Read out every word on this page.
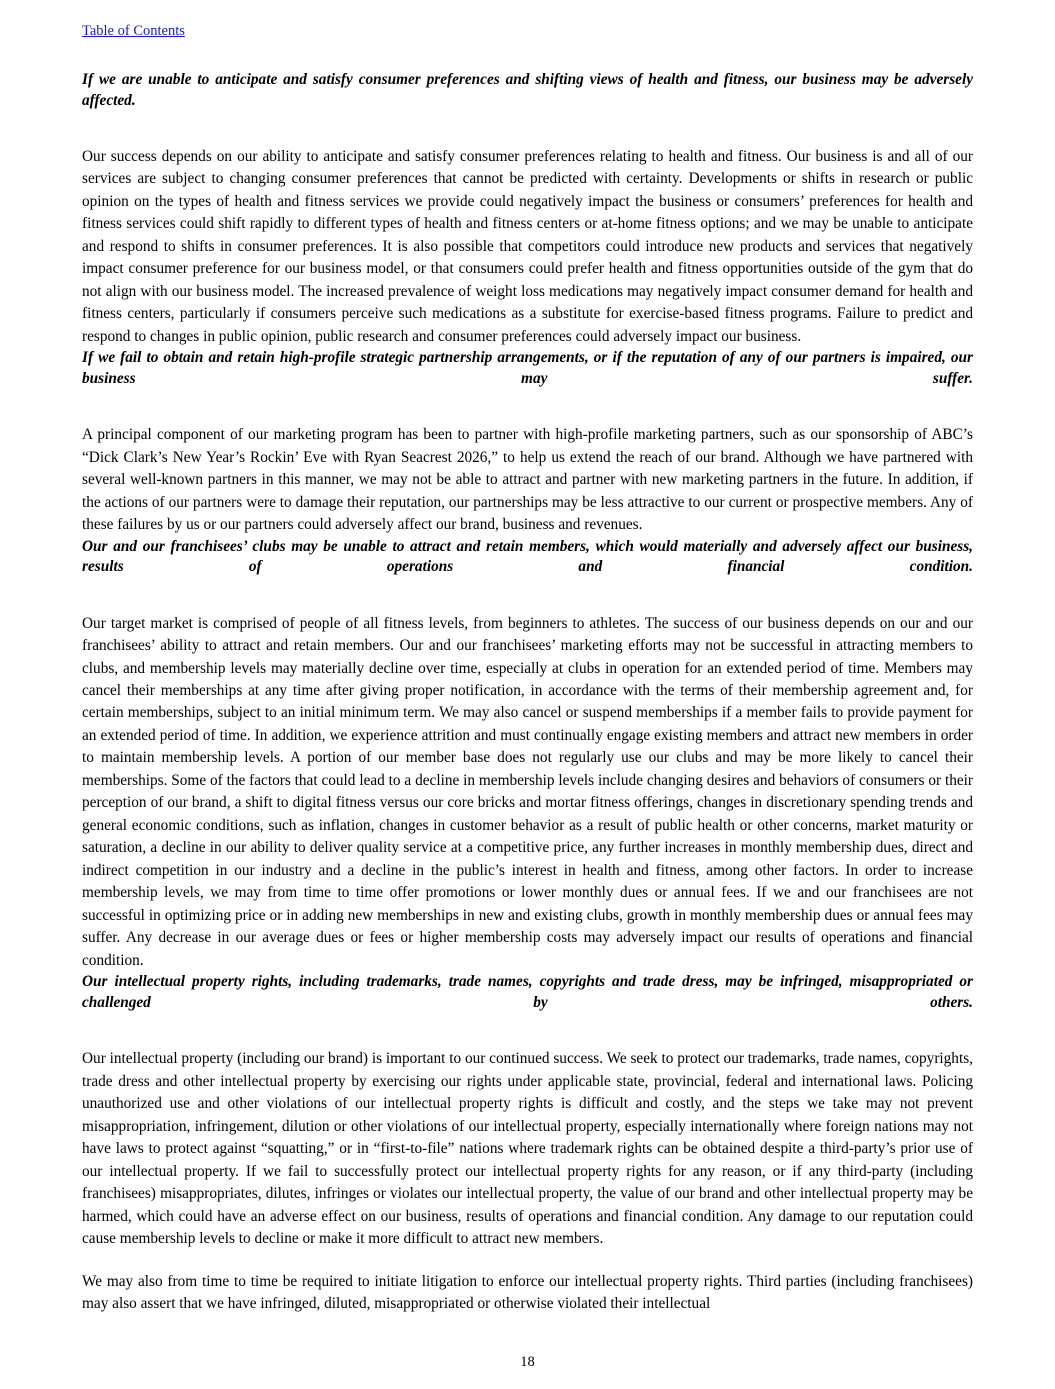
Table of Contents
If we are unable to anticipate and satisfy consumer preferences and shifting views of health and fitness, our business may be adversely affected.

Our success depends on our ability to anticipate and satisfy consumer preferences relating to health and fitness. Our business is and all of our services are subject to changing consumer preferences that cannot be predicted with certainty. Developments or shifts in research or public opinion on the types of health and fitness services we provide could negatively impact the business or consumers’ preferences for health and fitness services could shift rapidly to different types of health and fitness centers or at-home fitness options; and we may be unable to anticipate and respond to shifts in consumer preferences. It is also possible that competitors could introduce new products and services that negatively impact consumer preference for our business model, or that consumers could prefer health and fitness opportunities outside of the gym that do not align with our business model. The increased prevalence of weight loss medications may negatively impact consumer demand for health and fitness centers, particularly if consumers perceive such medications as a substitute for exercise-based fitness programs. Failure to predict and respond to changes in public opinion, public research and consumer preferences could adversely impact our business.

If we fail to obtain and retain high-profile strategic partnership arrangements, or if the reputation of any of our partners is impaired, our business may suffer.

A principal component of our marketing program has been to partner with high-profile marketing partners, such as our sponsorship of ABC’s “Dick Clark’s New Year’s Rockin’ Eve with Ryan Seacrest 2026,” to help us extend the reach of our brand. Although we have partnered with several well-known partners in this manner, we may not be able to attract and partner with new marketing partners in the future. In addition, if the actions of our partners were to damage their reputation, our partnerships may be less attractive to our current or prospective members. Any of these failures by us or our partners could adversely affect our brand, business and revenues.

Our and our franchisees’ clubs may be unable to attract and retain members, which would materially and adversely affect our business, results of operations and financial condition.

Our target market is comprised of people of all fitness levels, from beginners to athletes. The success of our business depends on our and our franchisees’ ability to attract and retain members. Our and our franchisees’ marketing efforts may not be successful in attracting members to clubs, and membership levels may materially decline over time, especially at clubs in operation for an extended period of time. Members may cancel their memberships at any time after giving proper notification, in accordance with the terms of their membership agreement and, for certain memberships, subject to an initial minimum term. We may also cancel or suspend memberships if a member fails to provide payment for an extended period of time. In addition, we experience attrition and must continually engage existing members and attract new members in order to maintain membership levels. A portion of our member base does not regularly use our clubs and may be more likely to cancel their memberships. Some of the factors that could lead to a decline in membership levels include changing desires and behaviors of consumers or their perception of our brand, a shift to digital fitness versus our core bricks and mortar fitness offerings, changes in discretionary spending trends and general economic conditions, such as inflation, changes in customer behavior as a result of public health or other concerns, market maturity or saturation, a decline in our ability to deliver quality service at a competitive price, any further increases in monthly membership dues, direct and indirect competition in our industry and a decline in the public’s interest in health and fitness, among other factors. In order to increase membership levels, we may from time to time offer promotions or lower monthly dues or annual fees. If we and our franchisees are not successful in optimizing price or in adding new memberships in new and existing clubs, growth in monthly membership dues or annual fees may suffer. Any decrease in our average dues or fees or higher membership costs may adversely impact our results of operations and financial condition.

Our intellectual property rights, including trademarks, trade names, copyrights and trade dress, may be infringed, misappropriated or challenged by others.

Our intellectual property (including our brand) is important to our continued success. We seek to protect our trademarks, trade names, copyrights, trade dress and other intellectual property by exercising our rights under applicable state, provincial, federal and international laws. Policing unauthorized use and other violations of our intellectual property rights is difficult and costly, and the steps we take may not prevent misappropriation, infringement, dilution or other violations of our intellectual property, especially internationally where foreign nations may not have laws to protect against “squatting,” or in “first-to-file” nations where trademark rights can be obtained despite a third-party’s prior use of our intellectual property. If we fail to successfully protect our intellectual property rights for any reason, or if any third-party (including franchisees) misappropriates, dilutes, infringes or violates our intellectual property, the value of our brand and other intellectual property may be harmed, which could have an adverse effect on our business, results of operations and financial condition. Any damage to our reputation could cause membership levels to decline or make it more difficult to attract new members.

We may also from time to time be required to initiate litigation to enforce our intellectual property rights. Third parties (including franchisees) may also assert that we have infringed, diluted, misappropriated or otherwise violated their intellectual

18
